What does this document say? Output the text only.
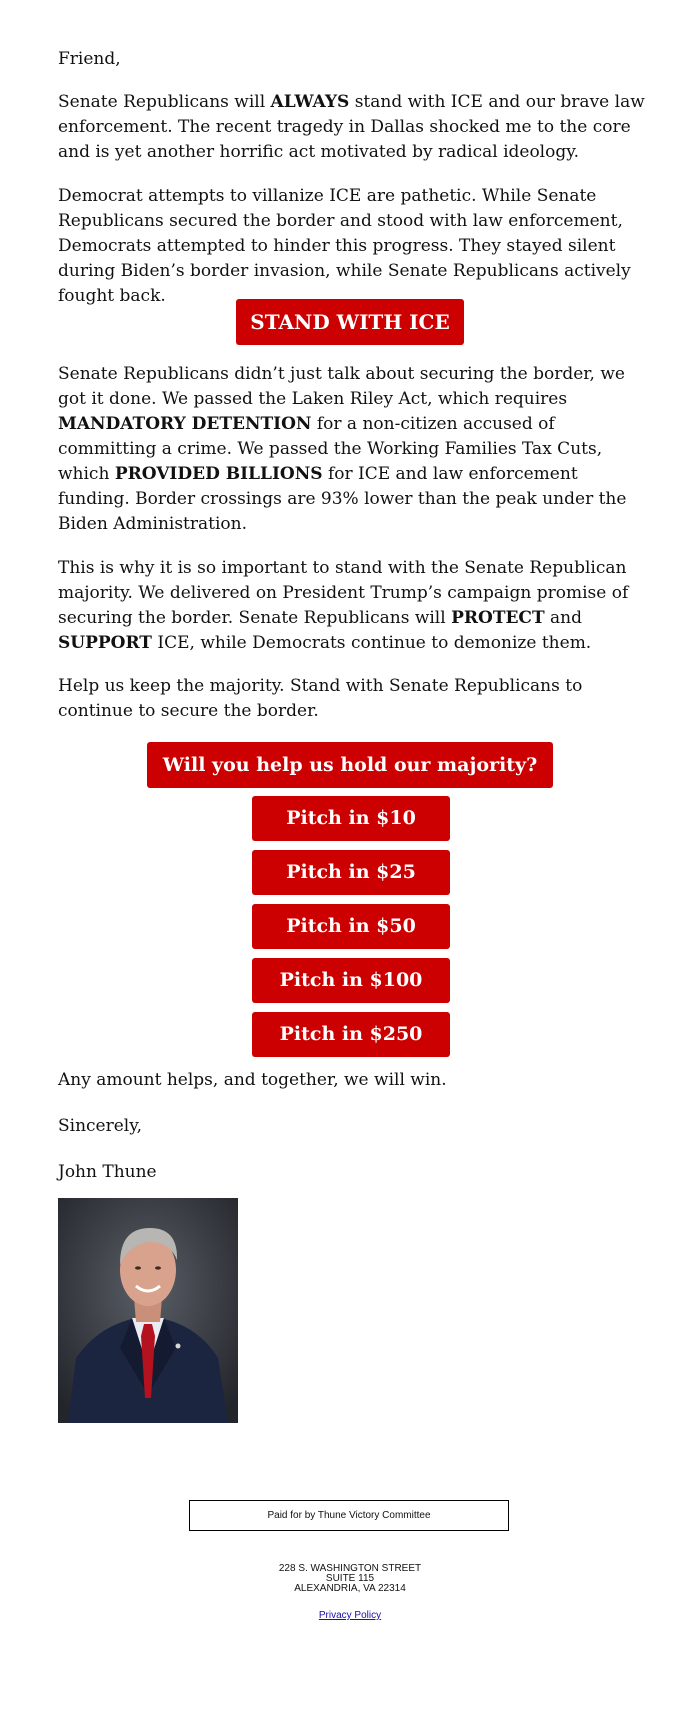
Friend,

Senate Republicans will ALWAYS stand with ICE and our brave law enforcement. The recent tragedy in Dallas shocked me to the core and is yet another horrific act motivated by radical ideology.

Democrat attempts to villanize ICE are pathetic. While Senate Republicans secured the border and stood with law enforcement, Democrats attempted to hinder this progress. They stayed silent during Biden’s border invasion, while Senate Republicans actively fought back.

STAND WITH ICE

Senate Republicans didn’t just talk about securing the border, we got it done. We passed the Laken Riley Act, which requires MANDATORY DETENTION for a non-citizen accused of committing a crime. We passed the Working Families Tax Cuts, which PROVIDED BILLIONS for ICE and law enforcement funding. Border crossings are 93% lower than the peak under the Biden Administration.

This is why it is so important to stand with the Senate Republican majority. We delivered on President Trump’s campaign promise of securing the border. Senate Republicans will PROTECT and SUPPORT ICE, while Democrats continue to demonize them.

Help us keep the majority. Stand with Senate Republicans to continue to secure the border.

Will you help us hold our majority?
Pitch in $10
Pitch in $25
Pitch in $50
Pitch in $100
Pitch in $250

Any amount helps, and together, we will win.

Sincerely,

John Thune

Paid for by Thune Victory Committee
228 S. WASHINGTON STREET
SUITE 115
ALEXANDRIA, VA 22314
Privacy Policy
